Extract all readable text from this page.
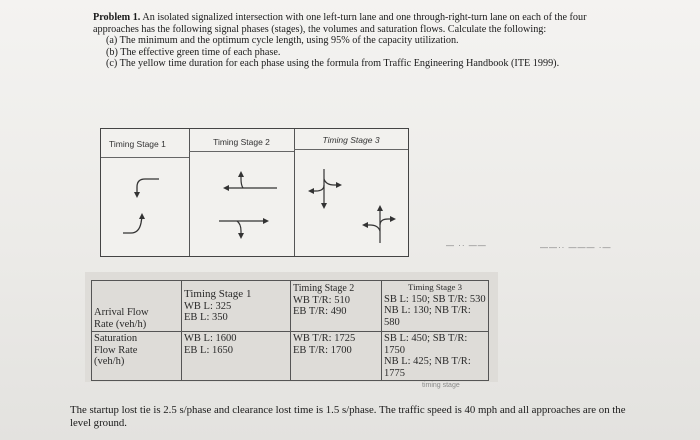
Problem 1. An isolated signalized intersection with one left-turn lane and one through-right-turn lane on each of the four approaches has the following signal phases (stages), the volumes and saturation flows. Calculate the following:

(a) The minimum and the optimum cycle length, using 95% of the capacity utilization.

(b) The effective green time of each phase.

(c) The yellow time duration for each phase using the formula from Traffic Engineering Handbook (ITE 1999).

Timing Stage 1	Timing Stage 2	Timing Stage 3
— ·· ——	——·· ——— ·—
Arrival Flow
Rate (veh/h)	Timing Stage 1
WB L: 325
EB L: 350	Timing Stage 2
WB T/R: 510
EB T/R: 490	Timing Stage 3
SB L: 150; SB T/R: 530
NB L: 130; NB T/R: 580

Saturation
Flow Rate
(veh/h)	WB L: 1600
EB L: 1650	WB T/R: 1725
EB T/R: 1700	SB L: 450; SB T/R: 1750
NB L: 425; NB T/R: 1775
timing stage

The startup lost tie is 2.5 s/phase and clearance lost time is 1.5 s/phase. The traffic speed is 40 mph and all approaches are on the level ground.
